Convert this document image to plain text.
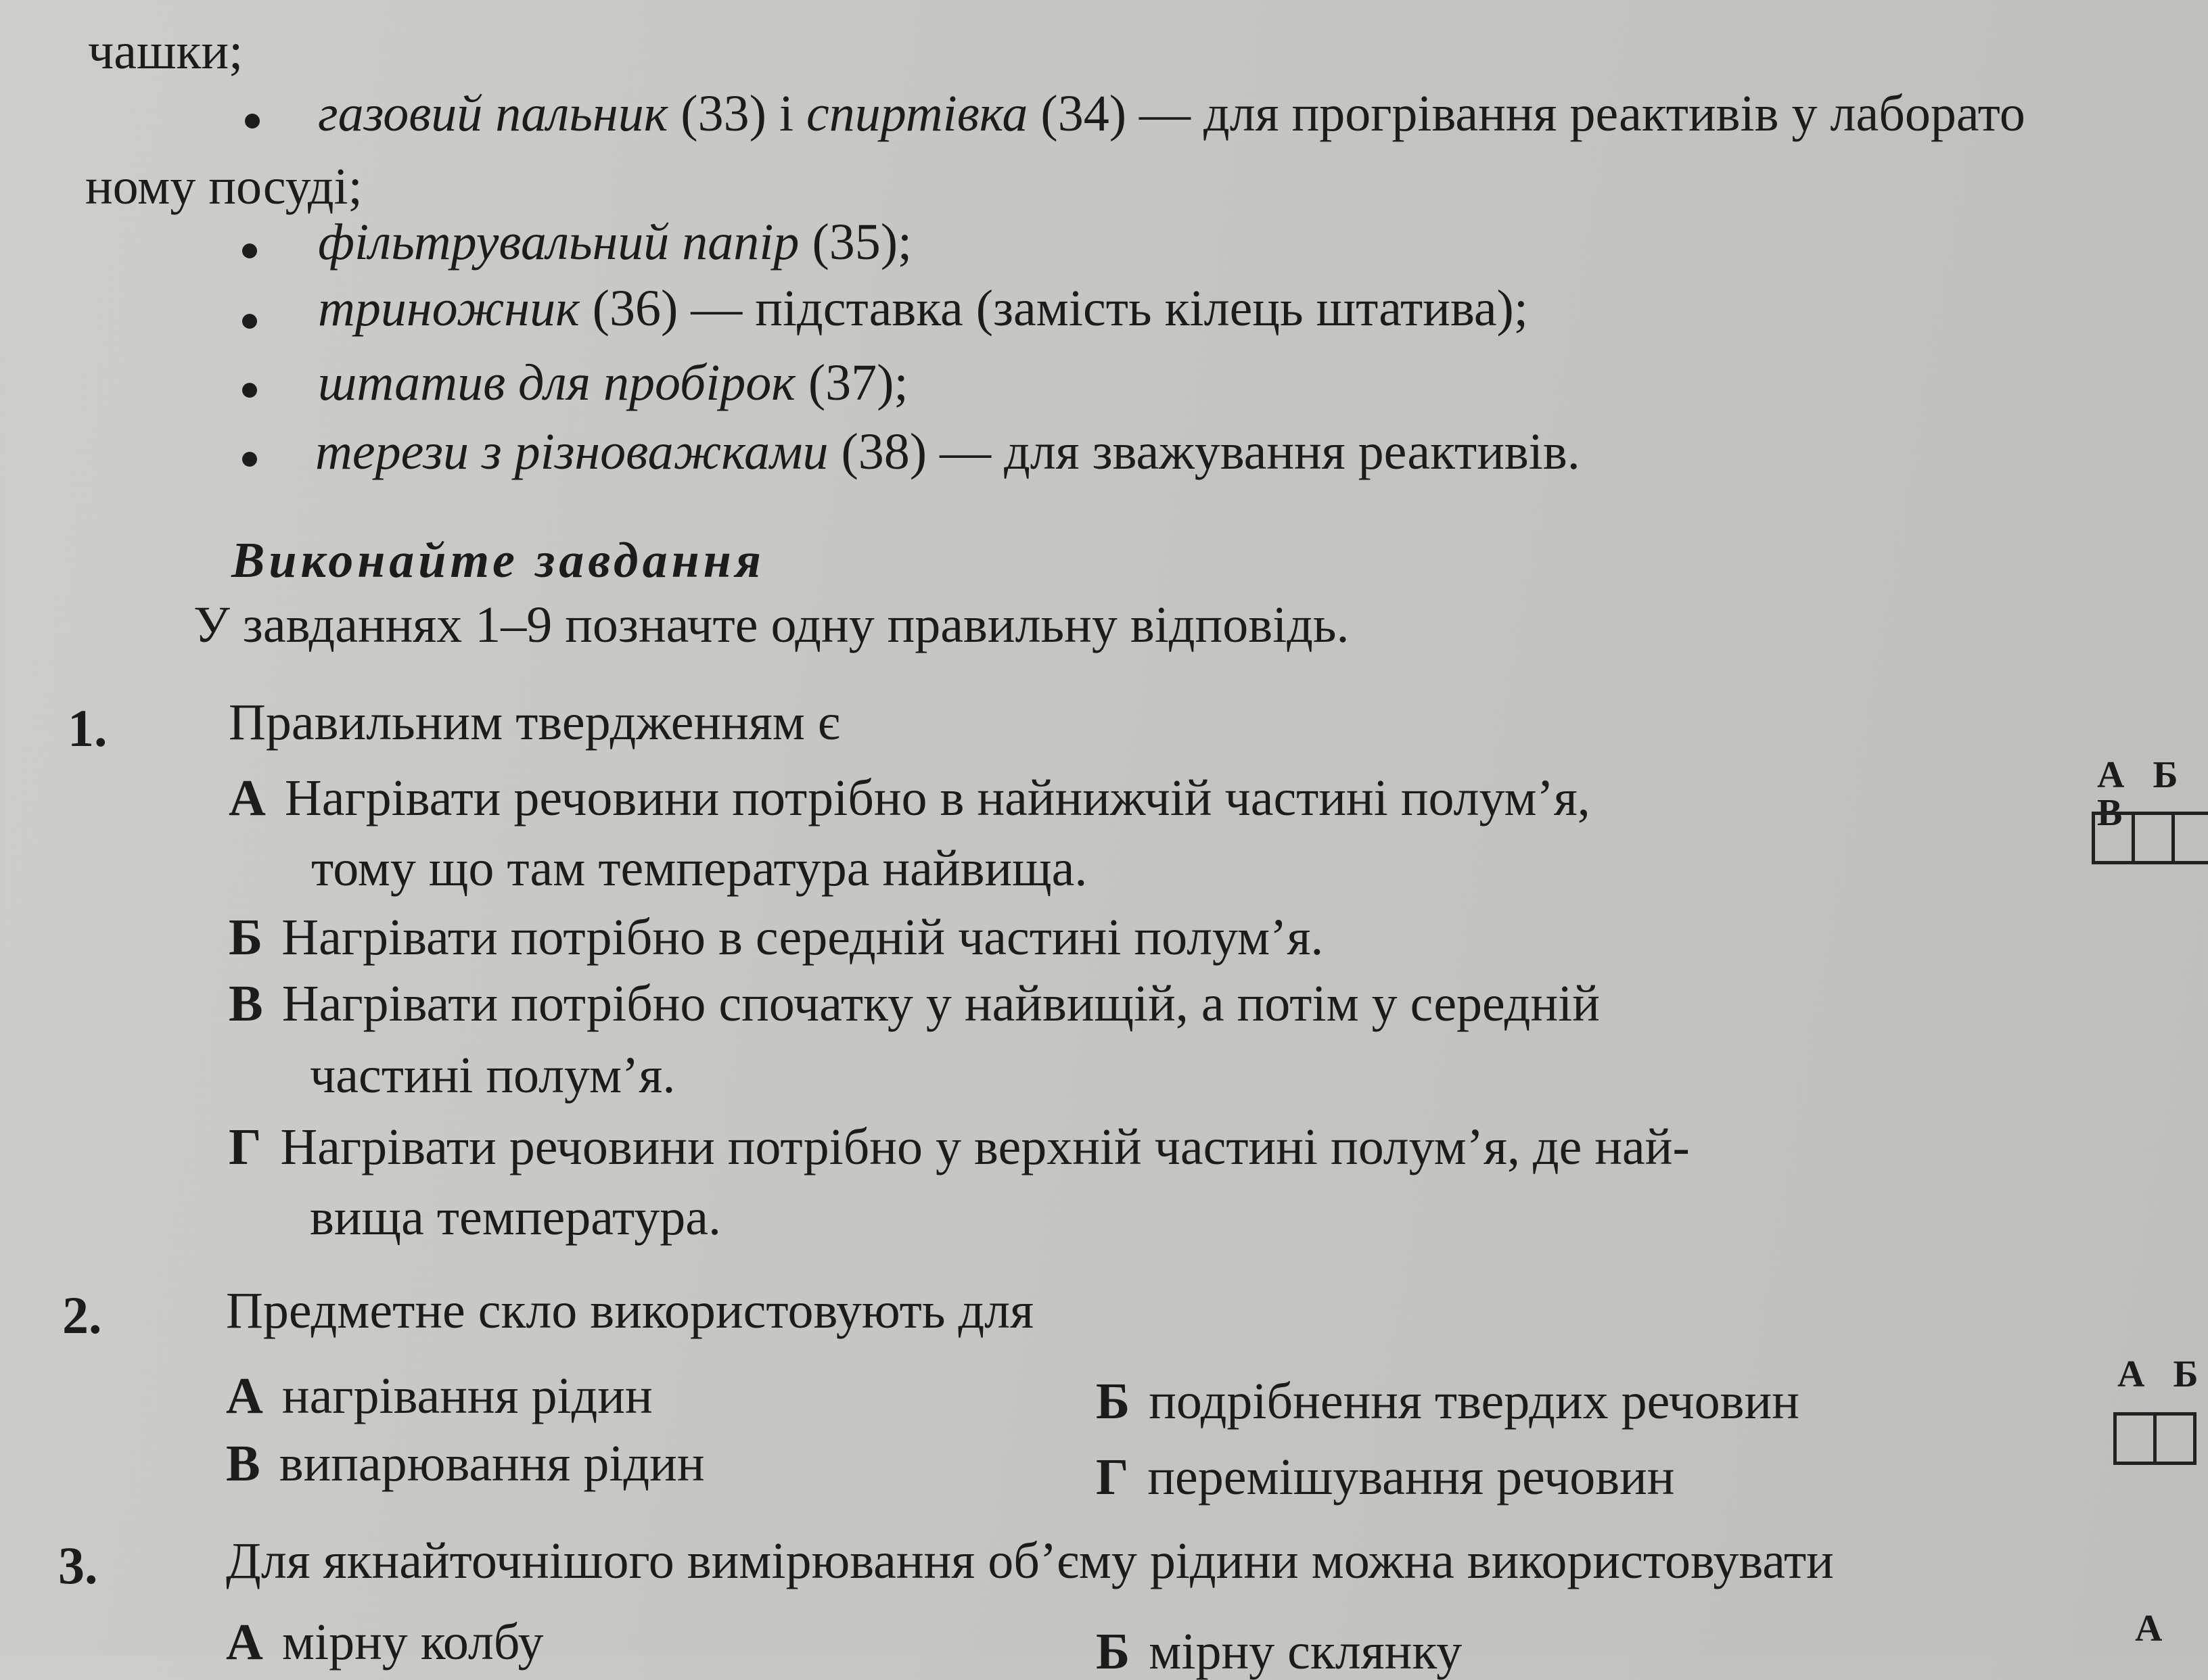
чашки;
газовий пальник (33) і спиртівка (34) — для прогрівання реактивів у лаборато
ному посуді;
фільтрувальний папір (35);
триножник (36) — підставка (замість кілець штатива);
штатив для пробірок (37);
терези з різноважками (38) — для зважування реактивів.
Виконайте завдання
У завданнях 1–9 позначте одну правильну відповідь.
1. Правильним твердженням є
А Нагрівати речовини потрібно в найнижчій частині полум’я,
тому що там температура найвища.
Б Нагрівати потрібно в середній частині полум’я.
В Нагрівати потрібно спочатку у найвищій, а потім у середній
частині полум’я.
Г Нагрівати речовини потрібно у верхній частині полум’я, де най-
вища температура.
А Б В
2. Предметне скло використовують для
А нагрівання рідин	Б подрібнення твердих речовин
В випарювання рідин	Г перемішування речовин
А Б
3. Для якнайточнішого вимірювання об’єму рідини можна використовувати
А мірну колбу	Б мірну склянку	А
